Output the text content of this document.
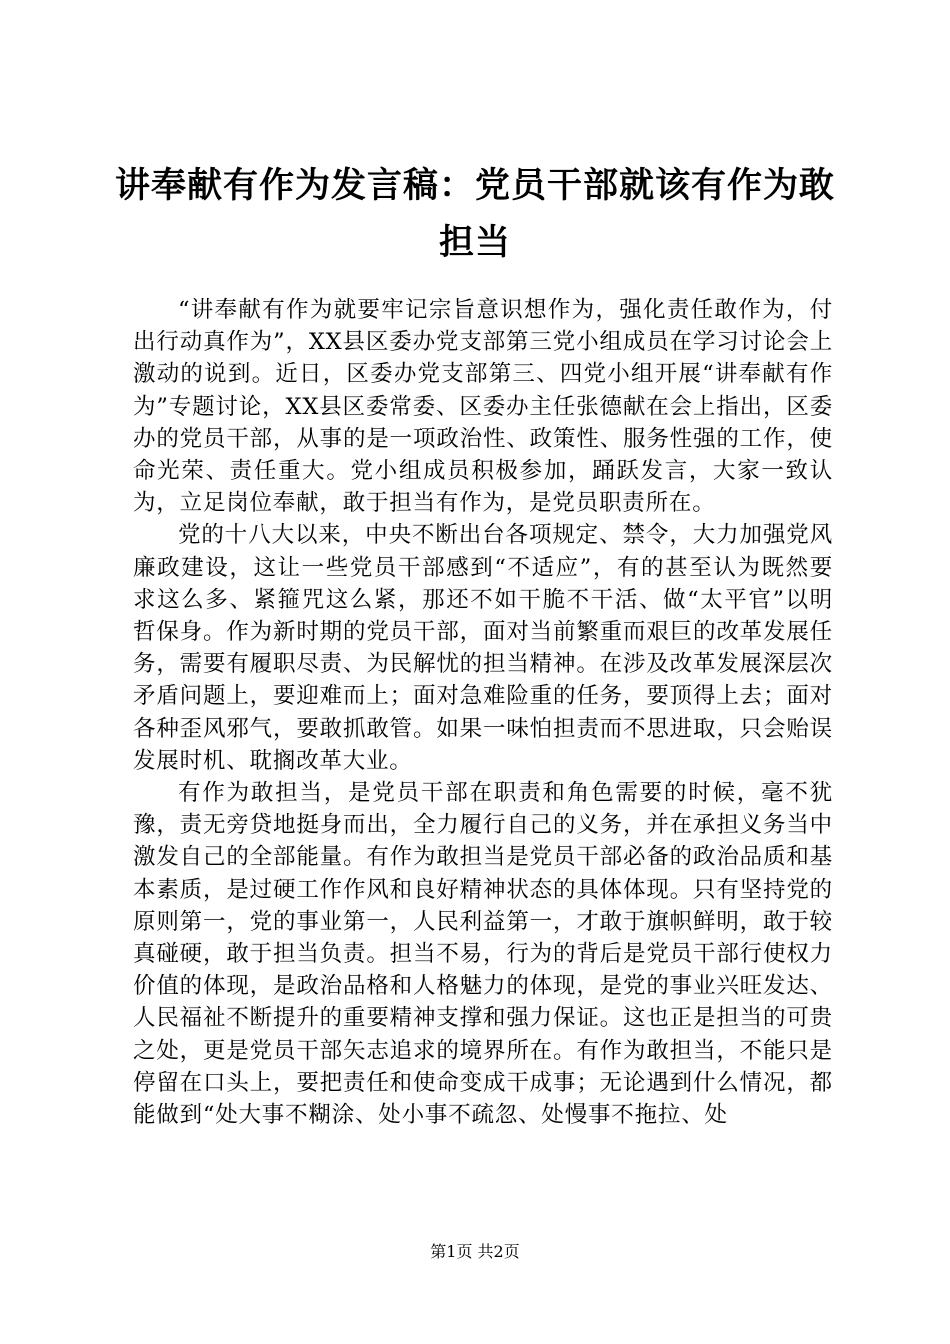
讲奉献有作为发言稿：党员干部就该有作为敢
担当

“讲奉献有作为就要牢记宗旨意识想作为，强化责任敢作为，付出行动真作为”，XX县区委办党支部第三党小组成员在学习讨论会上激动的说到。近日，区委办党支部第三、四党小组开展“讲奉献有作为”专题讨论，XX县区委常委、区委办主任张德献在会上指出，区委办的党员干部，从事的是一项政治性、政策性、服务性强的工作，使命光荣、责任重大。党小组成员积极参加，踊跃发言，大家一致认为，立足岗位奉献，敢于担当有作为，是党员职责所在。

党的十八大以来，中央不断出台各项规定、禁令，大力加强党风廉政建设，这让一些党员干部感到“不适应”，有的甚至认为既然要求这么多、紧箍咒这么紧，那还不如干脆不干活、做“太平官”以明哲保身。作为新时期的党员干部，面对当前繁重而艰巨的改革发展任务，需要有履职尽责、为民解忧的担当精神。在涉及改革发展深层次矛盾问题上，要迎难而上；面对急难险重的任务，要顶得上去；面对各种歪风邪气，要敢抓敢管。如果一味怕担责而不思进取，只会贻误发展时机、耽搁改革大业。

有作为敢担当，是党员干部在职责和角色需要的时候，毫不犹豫，责无旁贷地挺身而出，全力履行自己的义务，并在承担义务当中激发自己的全部能量。有作为敢担当是党员干部必备的政治品质和基本素质，是过硬工作作风和良好精神状态的具体体现。只有坚持党的原则第一，党的事业第一，人民利益第一，才敢于旗帜鲜明，敢于较真碰硬，敢于担当负责。担当不易，行为的背后是党员干部行使权力价值的体现，是政治品格和人格魅力的体现，是党的事业兴旺发达、人民福祉不断提升的重要精神支撑和强力保证。这也正是担当的可贵之处，更是党员干部矢志追求的境界所在。有作为敢担当，不能只是停留在口头上，要把责任和使命变成干成事；无论遇到什么情况，都能做到“处大事不糊涂、处小事不疏忽、处慢事不拖拉、处

第1页 共2页
